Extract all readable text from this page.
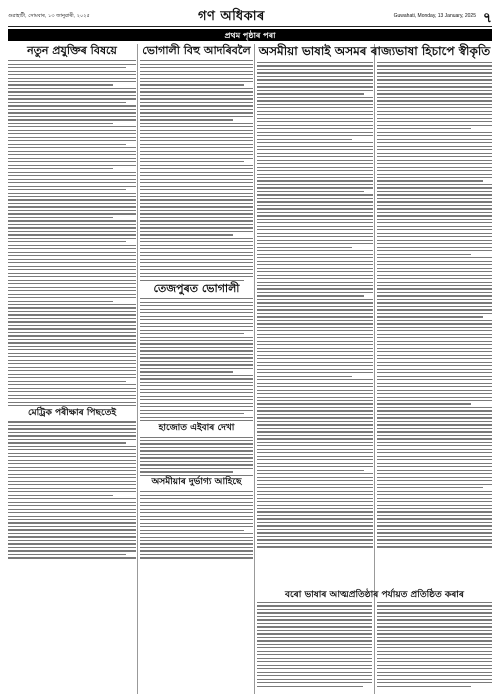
গুৱাহাটী, সোমবাৰ, ১৩ জানুৱাৰী, ২০২৫	গণ অধিকাৰ	Guwahati, Monday, 13 January, 2025 ৭
প্ৰথম পৃষ্ঠাৰ পৰা
নতুন প্ৰযুক্তিৰ বিষয়ে
মেট্ৰিক পৰীক্ষাৰ পিছতেই
ভোগালী বিহু আদৰিবলৈ
তেজপুৰত ভোগালী
হাজোত এইবাৰ দেখা
অসমীয়াৰ দুৰ্ভাগ্য আহিছে
অসমীয়া ভাষাই অসমৰ ৰাজ্যভাষা হিচাপে স্বীকৃতি
বৰো ভাষাৰ আত্মপ্ৰতিষ্ঠাৰ পৰ্যায়ত প্ৰতিষ্ঠিত কৰাৰ
